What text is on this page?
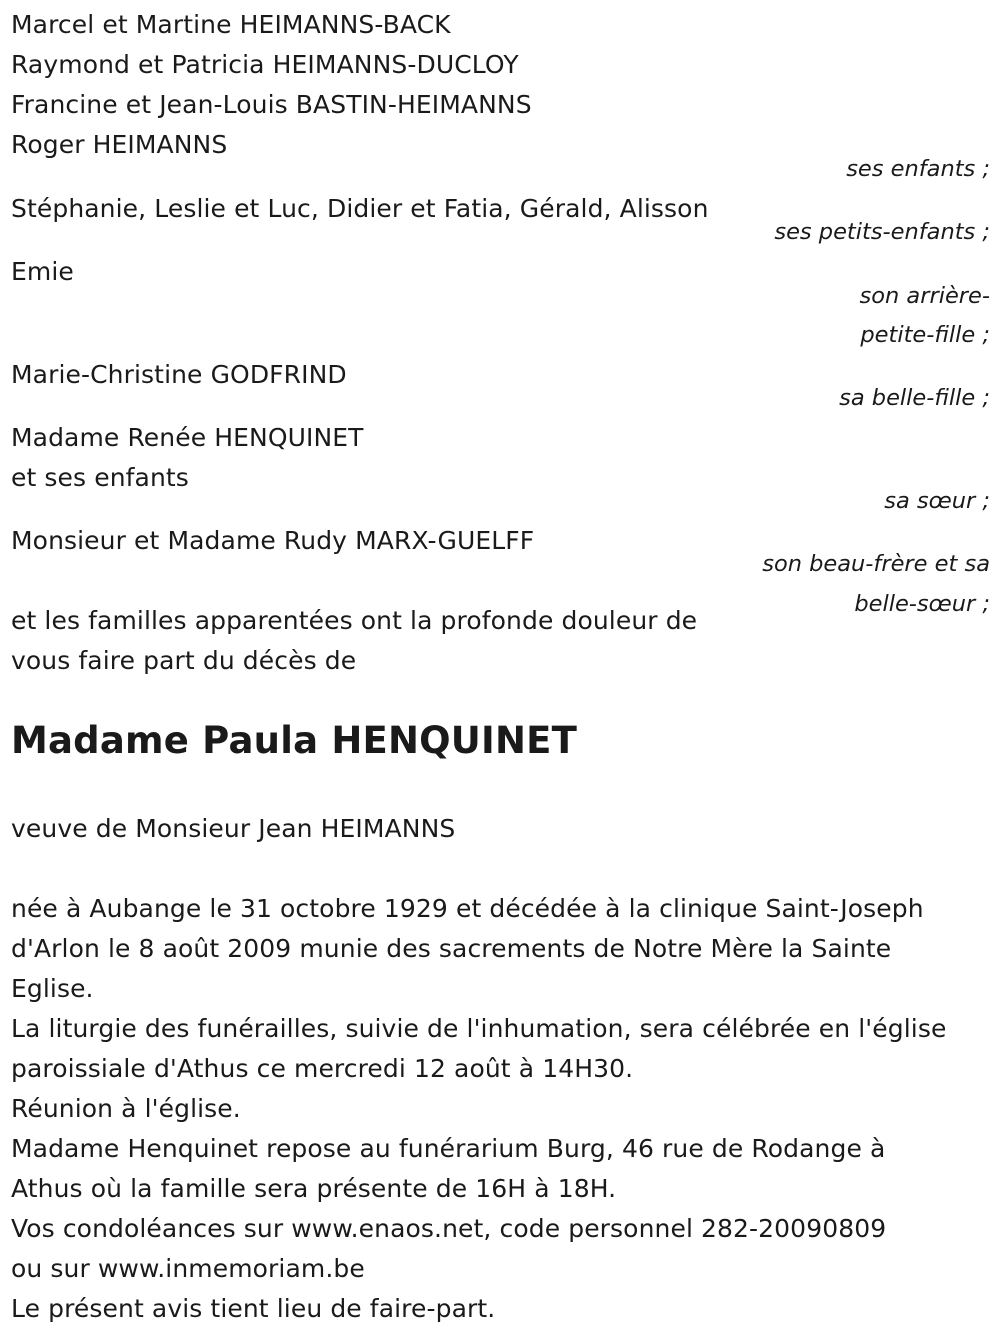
Marcel et Martine HEIMANNS-BACK
Raymond et Patricia HEIMANNS-DUCLOY
Francine et Jean-Louis BASTIN-HEIMANNS
Roger HEIMANNS
ses enfants ;
Stéphanie, Leslie et Luc, Didier et Fatia, Gérald, Alisson
ses petits-enfants ;
Emie
son arrière-
petite-fille ;
Marie-Christine GODFRIND
sa belle-fille ;
Madame Renée HENQUINET
et ses enfants
sa sœur ;
Monsieur et Madame Rudy MARX-GUELFF
son beau-frère et sa
belle-sœur ;
et les familles apparentées ont la profonde douleur de
vous faire part du décès de
Madame Paula HENQUINET
veuve de Monsieur Jean HEIMANNS
née à Aubange le 31 octobre 1929 et décédée à la clinique Saint-Joseph
d'Arlon le 8 août 2009 munie des sacrements de Notre Mère la Sainte
Eglise.
La liturgie des funérailles, suivie de l'inhumation, sera célébrée en l'église
paroissiale d'Athus ce mercredi 12 août à 14H30.
Réunion à l'église.
Madame Henquinet repose au funérarium Burg, 46 rue de Rodange à
Athus où la famille sera présente de 16H à 18H.
Vos condoléances sur www.enaos.net, code personnel 282-20090809
ou sur www.inmemoriam.be
Le présent avis tient lieu de faire-part.
